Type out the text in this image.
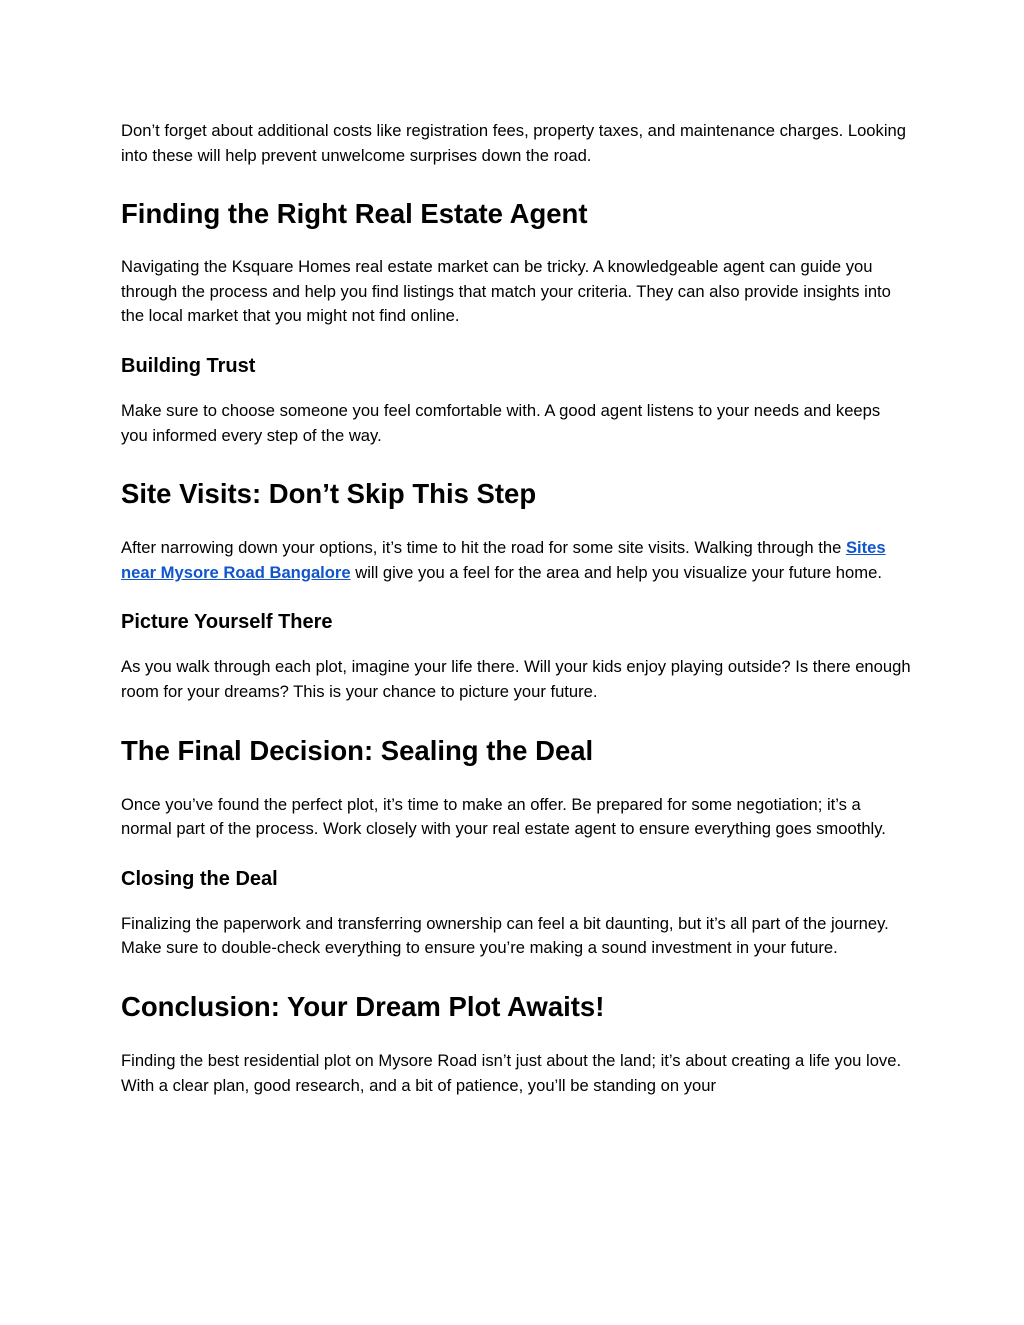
Don’t forget about additional costs like registration fees, property taxes, and maintenance charges. Looking into these will help prevent unwelcome surprises down the road.

Finding the Right Real Estate Agent

Navigating the Ksquare Homes real estate market can be tricky. A knowledgeable agent can guide you through the process and help you find listings that match your criteria. They can also provide insights into the local market that you might not find online.

Building Trust

Make sure to choose someone you feel comfortable with. A good agent listens to your needs and keeps you informed every step of the way.

Site Visits: Don’t Skip This Step

After narrowing down your options, it’s time to hit the road for some site visits. Walking through the Sites near Mysore Road Bangalore will give you a feel for the area and help you visualize your future home.

Picture Yourself There

As you walk through each plot, imagine your life there. Will your kids enjoy playing outside? Is there enough room for your dreams? This is your chance to picture your future.

The Final Decision: Sealing the Deal

Once you’ve found the perfect plot, it’s time to make an offer. Be prepared for some negotiation; it’s a normal part of the process. Work closely with your real estate agent to ensure everything goes smoothly.

Closing the Deal

Finalizing the paperwork and transferring ownership can feel a bit daunting, but it’s all part of the journey. Make sure to double-check everything to ensure you’re making a sound investment in your future.

Conclusion: Your Dream Plot Awaits!

Finding the best residential plot on Mysore Road isn’t just about the land; it’s about creating a life you love. With a clear plan, good research, and a bit of patience, you’ll be standing on your
